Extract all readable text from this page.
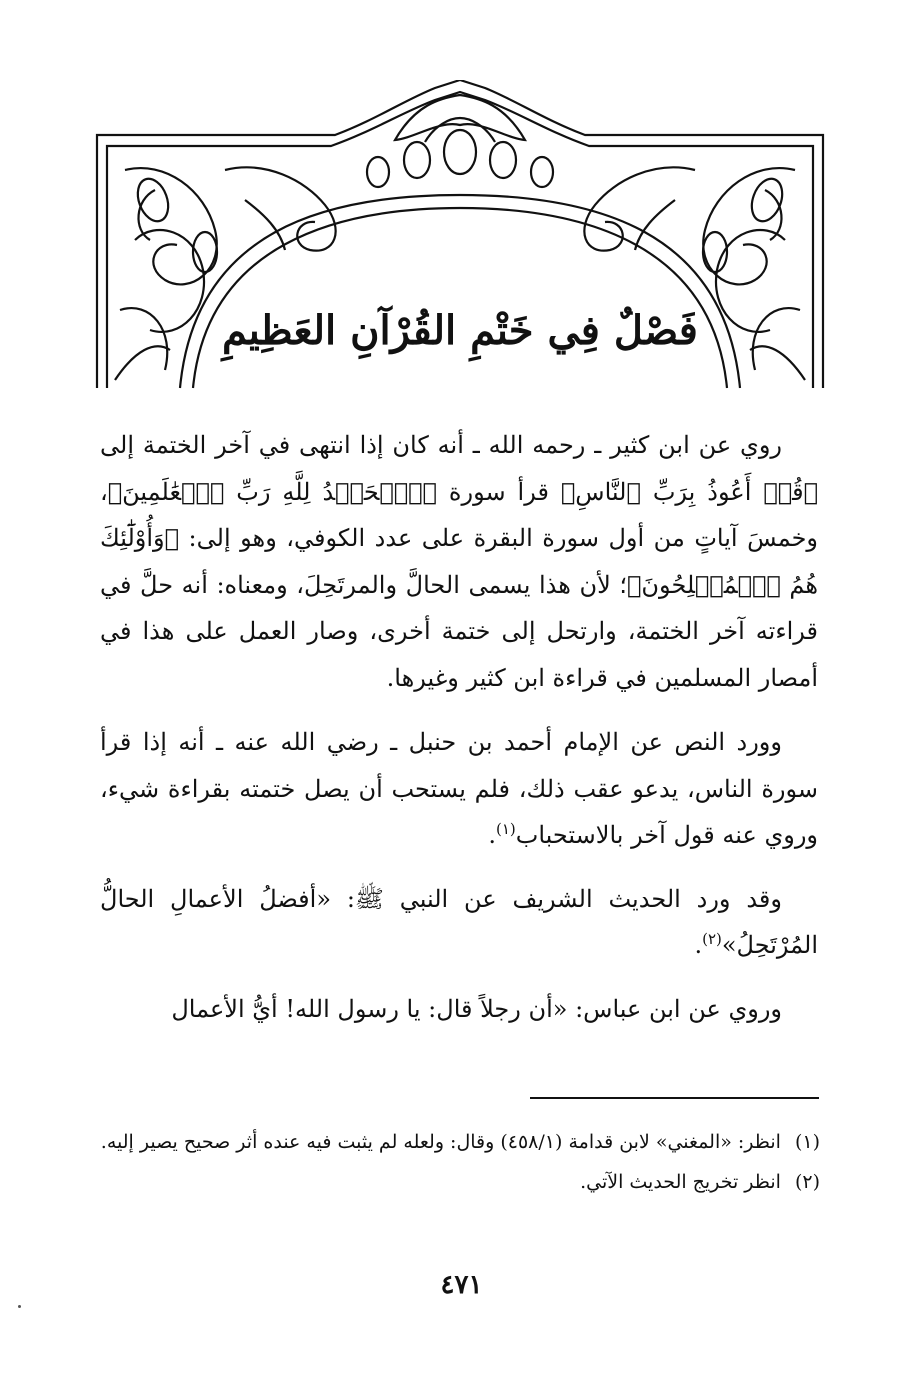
فَصْلٌ فِي خَتْمِ القُرْآنِ العَظِيمِ

روي عن ابن كثير ـ رحمه الله ـ أنه كان إذا انتهى في آخر الختمة إلى ﴿قُلۡ أَعُوذُ بِرَبِّ ٱلنَّاسِ﴾ قرأ سورة ﴿ٱلۡحَمۡدُ لِلَّهِ رَبِّ ٱلۡعَٰلَمِينَ﴾، وخمسَ آياتٍ من أول سورة البقرة على عدد الكوفي، وهو إلى: ﴿وَأُوْلَٰٓئِكَ هُمُ ٱلۡمُفۡلِحُونَ﴾؛ لأن هذا يسمى الحالَّ والمرتَحِلَ، ومعناه: أنه حلَّ في قراءته آخر الختمة، وارتحل إلى ختمة أخرى، وصار العمل على هذا في أمصار المسلمين في قراءة ابن كثير وغيرها.

وورد النص عن الإمام أحمد بن حنبل ـ رضي الله عنه ـ أنه إذا قرأ سورة الناس، يدعو عقب ذلك، فلم يستحب أن يصل ختمته بقراءة شيء، وروي عنه قول آخر بالاستحباب$^{(١)}$.

وقد ورد الحديث الشريف عن النبي ﷺ: «أفضلُ الأعمالِ الحالُّ المُرْتَحِلُ»$^{(٢)}$.

وروي عن ابن عباس: «أن رجلاً قال: يا رسول الله! أيُّ الأعمال

(١)
انظر: «المغني» لابن قدامة (٤٥٨/١) وقال: ولعله لم يثبت فيه عنده أثر صحيح يصير إليه.
(٢)
انظر تخريج الحديث الآتي.
٤٧١
